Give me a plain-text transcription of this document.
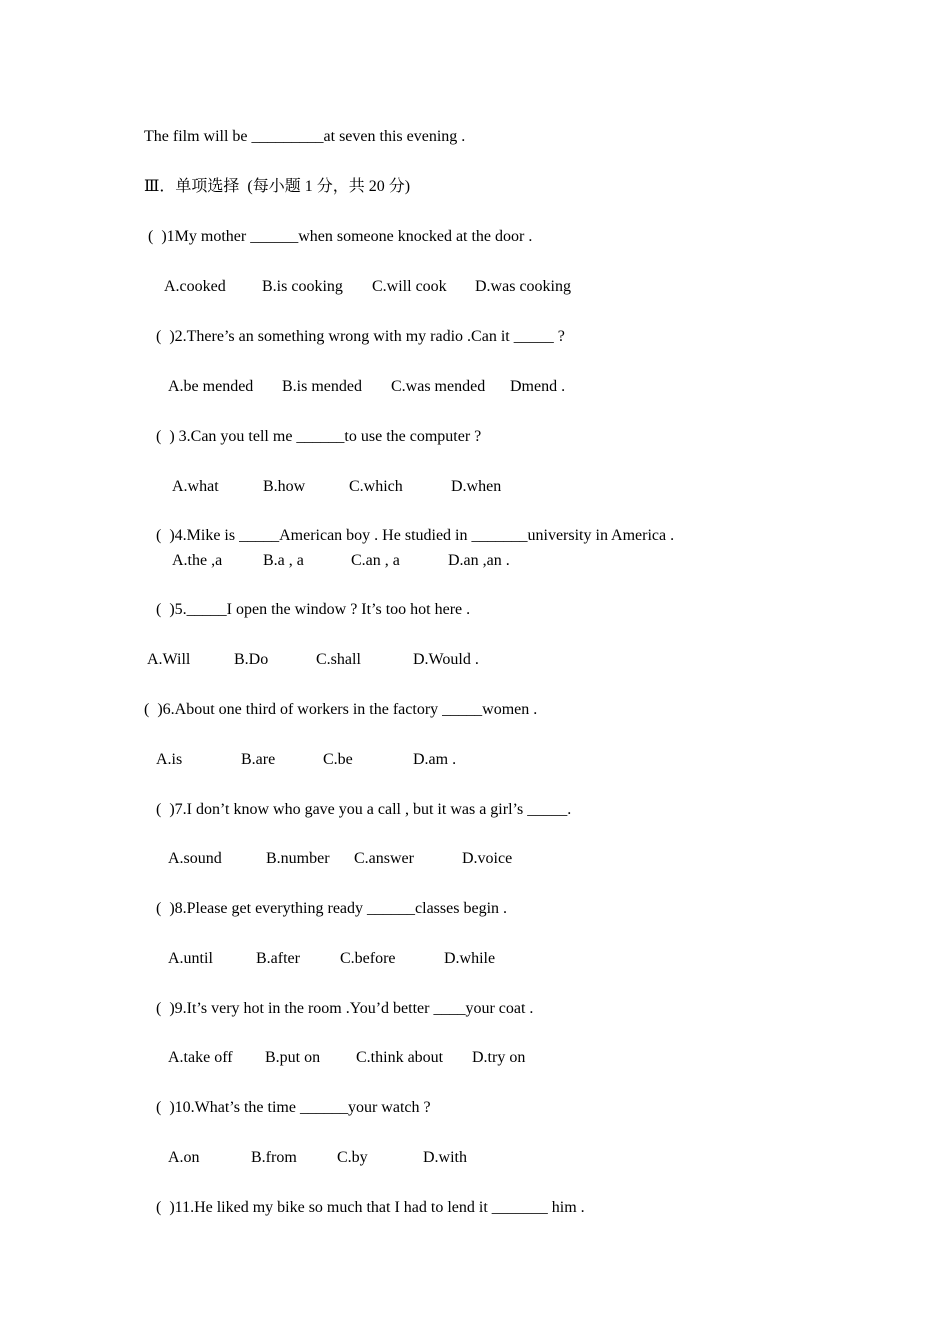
The film will be _________at seven this evening .
Ⅲ．单项选择  (每小题 1 分，共 20 分)
(  )1My mother ______when someone knocked at the door .
A.cooked B.is cooking C.will cook D.was cooking
(  )2.There’s an something wrong with my radio .Can it _____ ?
A.be mended B.is mended C.was mended Dmend .
(  ) 3.Can you tell me ______to use the computer ?
A.what	B.how	C.which	D.when
(  )4.Mike is _____American boy . He studied in _______university in America .
A.the ,a	B.a , a	C.an , a	D.an ,an .
(  )5._____I open the window ? It’s too hot here .
A.Will	B.Do	C.shall	D.Would .
(  )6.About one third of workers in the factory _____women .
A.is	B.are	C.be	D.am .
(  )7.I don’t know who gave you a call , but it was a girl’s _____.
A.sound	B.number C.answer	D.voice
(  )8.Please get everything ready ______classes begin .
A.until	B.after	C.before	D.while
(  )9.It’s very hot in the room .You’d better ____your coat .
A.take off B.put on C.think about D.try on
(  )10.What’s the time ______your watch ?
A.on	B.from	C.by	D.with
(  )11.He liked my bike so much that I had to lend it _______ him .
